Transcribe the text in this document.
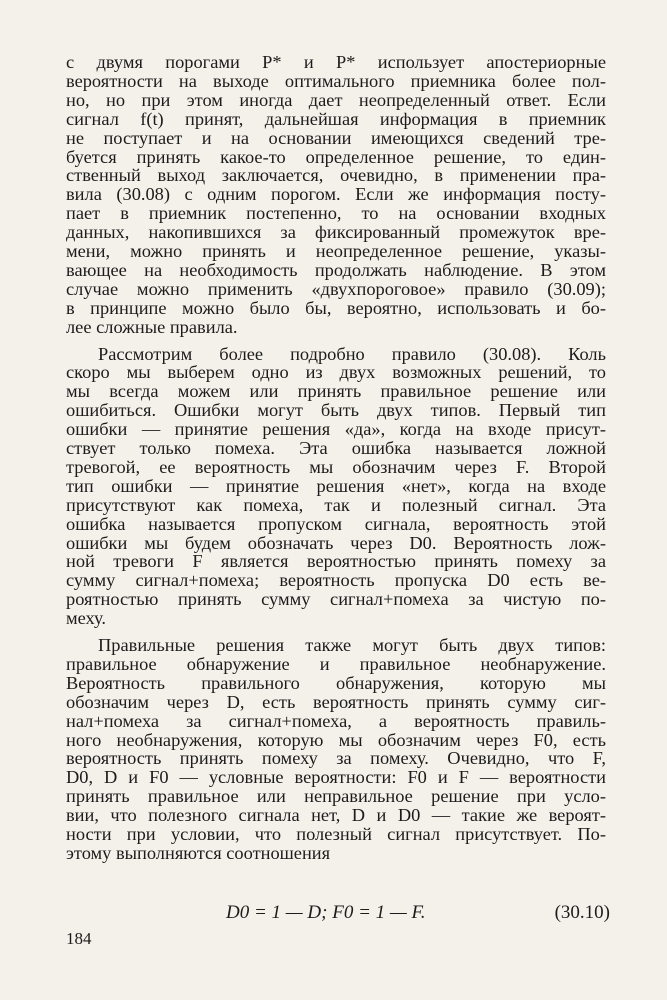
с двумя порогами P* и P* использует апостериорные
вероятности на выходе оптимального приемника более пол-
но, но при этом иногда дает неопределенный ответ. Если
сигнал f(t) принят, дальнейшая информация в приемник
не поступает и на основании имеющихся сведений тре-
буется принять какое-то определенное решение, то един-
ственный выход заключается, очевидно, в применении пра-
вила (30.08) с одним порогом. Если же информация посту-
пает в приемник постепенно, то на основании входных
данных, накопившихся за фиксированный промежуток вре-
мени, можно принять и неопределенное решение, указы-
вающее на необходимость продолжать наблюдение. В этом
случае можно применить «двухпороговое» правило (30.09);
в принципе можно было бы, вероятно, использовать и бо-
лее сложные правила.
Рассмотрим более подробно правило (30.08). Коль
скоро мы выберем одно из двух возможных решений, то
мы всегда можем или принять правильное решение или
ошибиться. Ошибки могут быть двух типов. Первый тип
ошибки — принятие решения «да», когда на входе присут-
ствует только помеха. Эта ошибка называется ложной
тревогой, ее вероятность мы обозначим через F. Второй
тип ошибки — принятие решения «нет», когда на входе
присутствуют как помеха, так и полезный сигнал. Эта
ошибка называется пропуском сигнала, вероятность этой
ошибки мы будем обозначать через D0. Вероятность лож-
ной тревоги F является вероятностью принять помеху за
сумму сигнал+помеха; вероятность пропуска D0 есть ве-
роятностью принять сумму сигнал+помеха за чистую по-
меху.
Правильные решения также могут быть двух типов:
правильное обнаружение и правильное необнаружение.
Вероятность правильного обнаружения, которую мы
обозначим через D, есть вероятность принять сумму сиг-
нал+помеха за сигнал+помеха, а вероятность правиль-
ного необнаружения, которую мы обозначим через F0, есть
вероятность принять помеху за помеху. Очевидно, что F,
D0, D и F0 — условные вероятности: F0 и F — вероятности
принять правильное или неправильное решение при усло-
вии, что полезного сигнала нет, D и D0 — такие же вероят-
ности при условии, что полезный сигнал присутствует. По-
этому выполняются соотношения
D0 = 1 — D; F0 = 1 — F.	(30.10)
184
